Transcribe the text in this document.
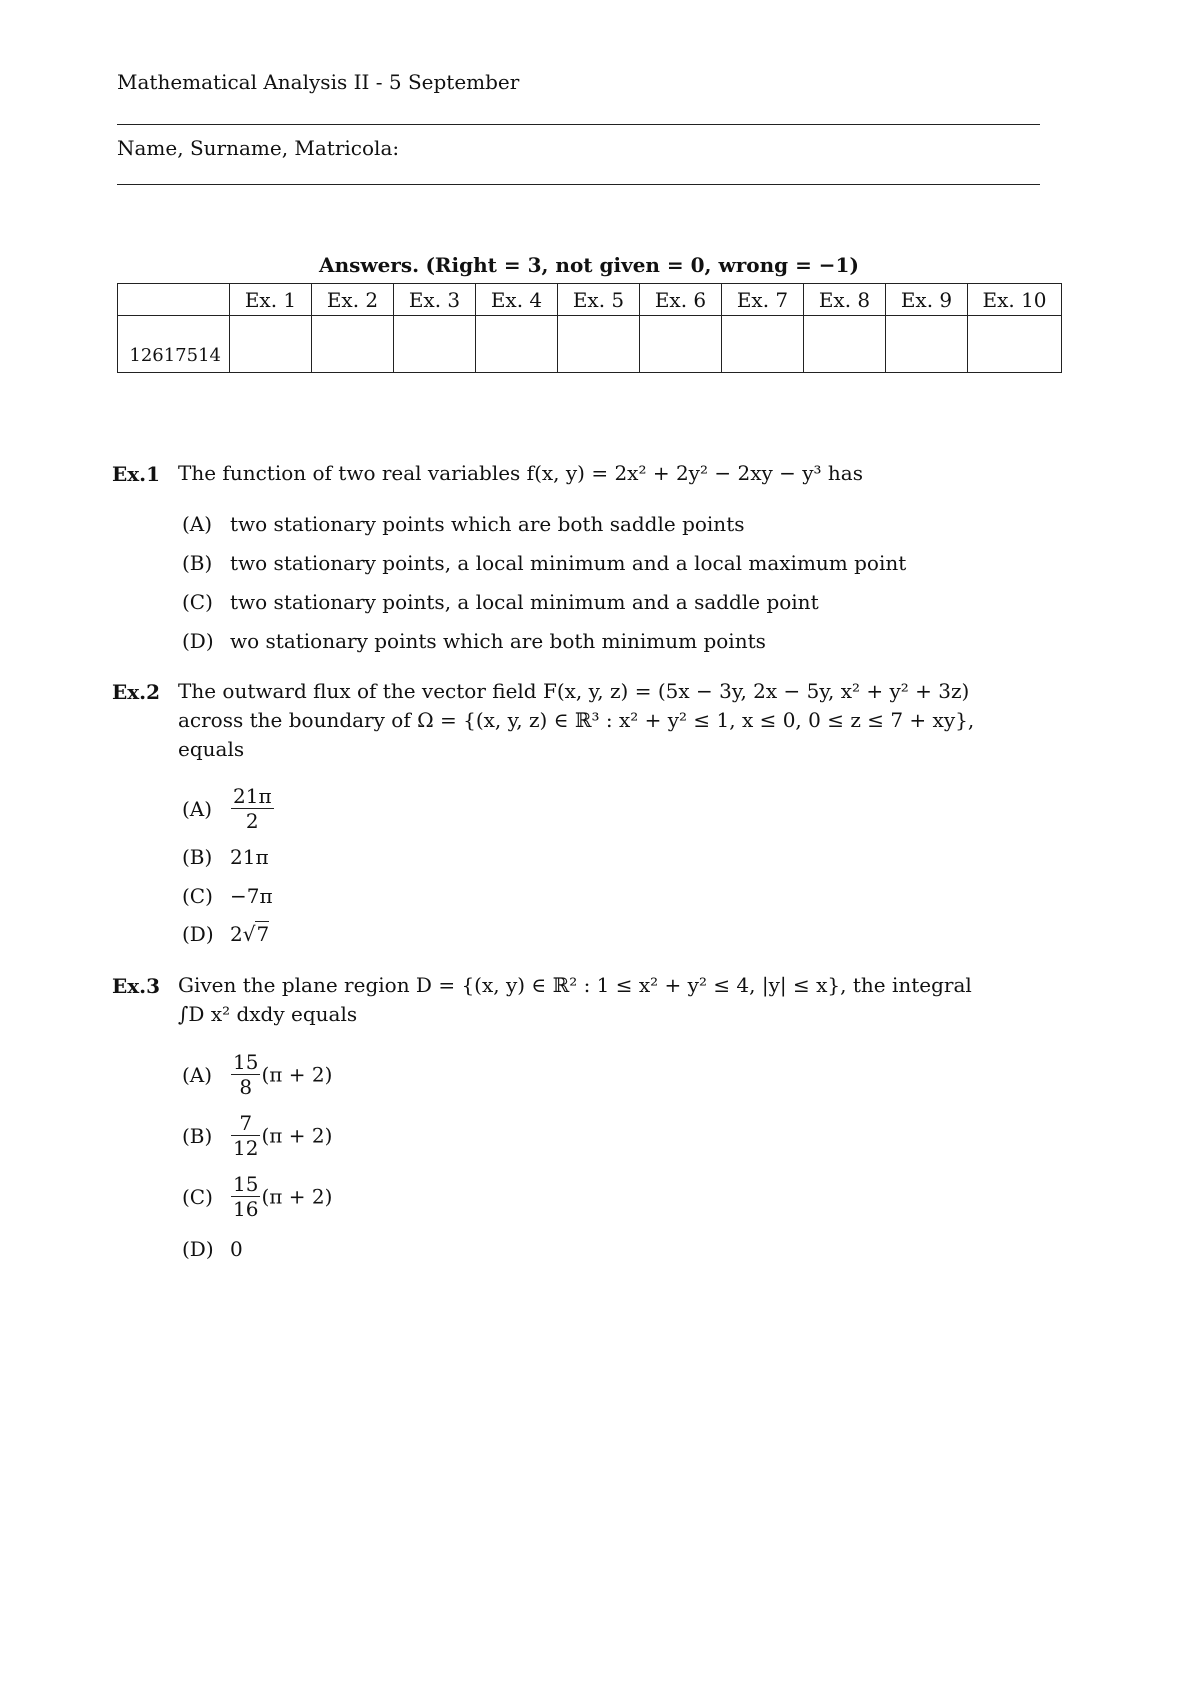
Mathematical Analysis II - 5 September
Name, Surname, Matricola:
Answers. (Right = 3, not given = 0, wrong = −1)
	Ex. 1	Ex. 2	Ex. 3	Ex. 4	Ex. 5	Ex. 6	Ex. 7	Ex. 8	Ex. 9	Ex. 10
12617514										
Ex.1 The function of two real variables f(x, y) = 2x² + 2y² − 2xy − y³ has
(A) two stationary points which are both saddle points
(B) two stationary points, a local minimum and a local maximum point
(C) two stationary points, a local minimum and a saddle point
(D) wo stationary points which are both minimum points
Ex.2 The outward flux of the vector field F(x, y, z) = (5x − 3y, 2x − 5y, x² + y² + 3z)
across the boundary of Ω = {(x, y, z) ∈ ℝ³ : x² + y² ≤ 1, x ≤ 0, 0 ≤ z ≤ 7 + xy},
equals
$(A) \frac{21\pi}{2}$
(B) 21π
(C) −7π
(D) 2√7
Ex.3 Given the plane region D = {(x, y) ∈ ℝ² : 1 ≤ x² + y² ≤ 4, |y| ≤ x}, the integral
∫D x² dxdy equals
$(A) \frac{15}{8} (\pi + 2)$
$(B) \frac{7}{12} (\pi + 2)$
$(C) \frac{15}{16} (\pi + 2)$
(D) 0
